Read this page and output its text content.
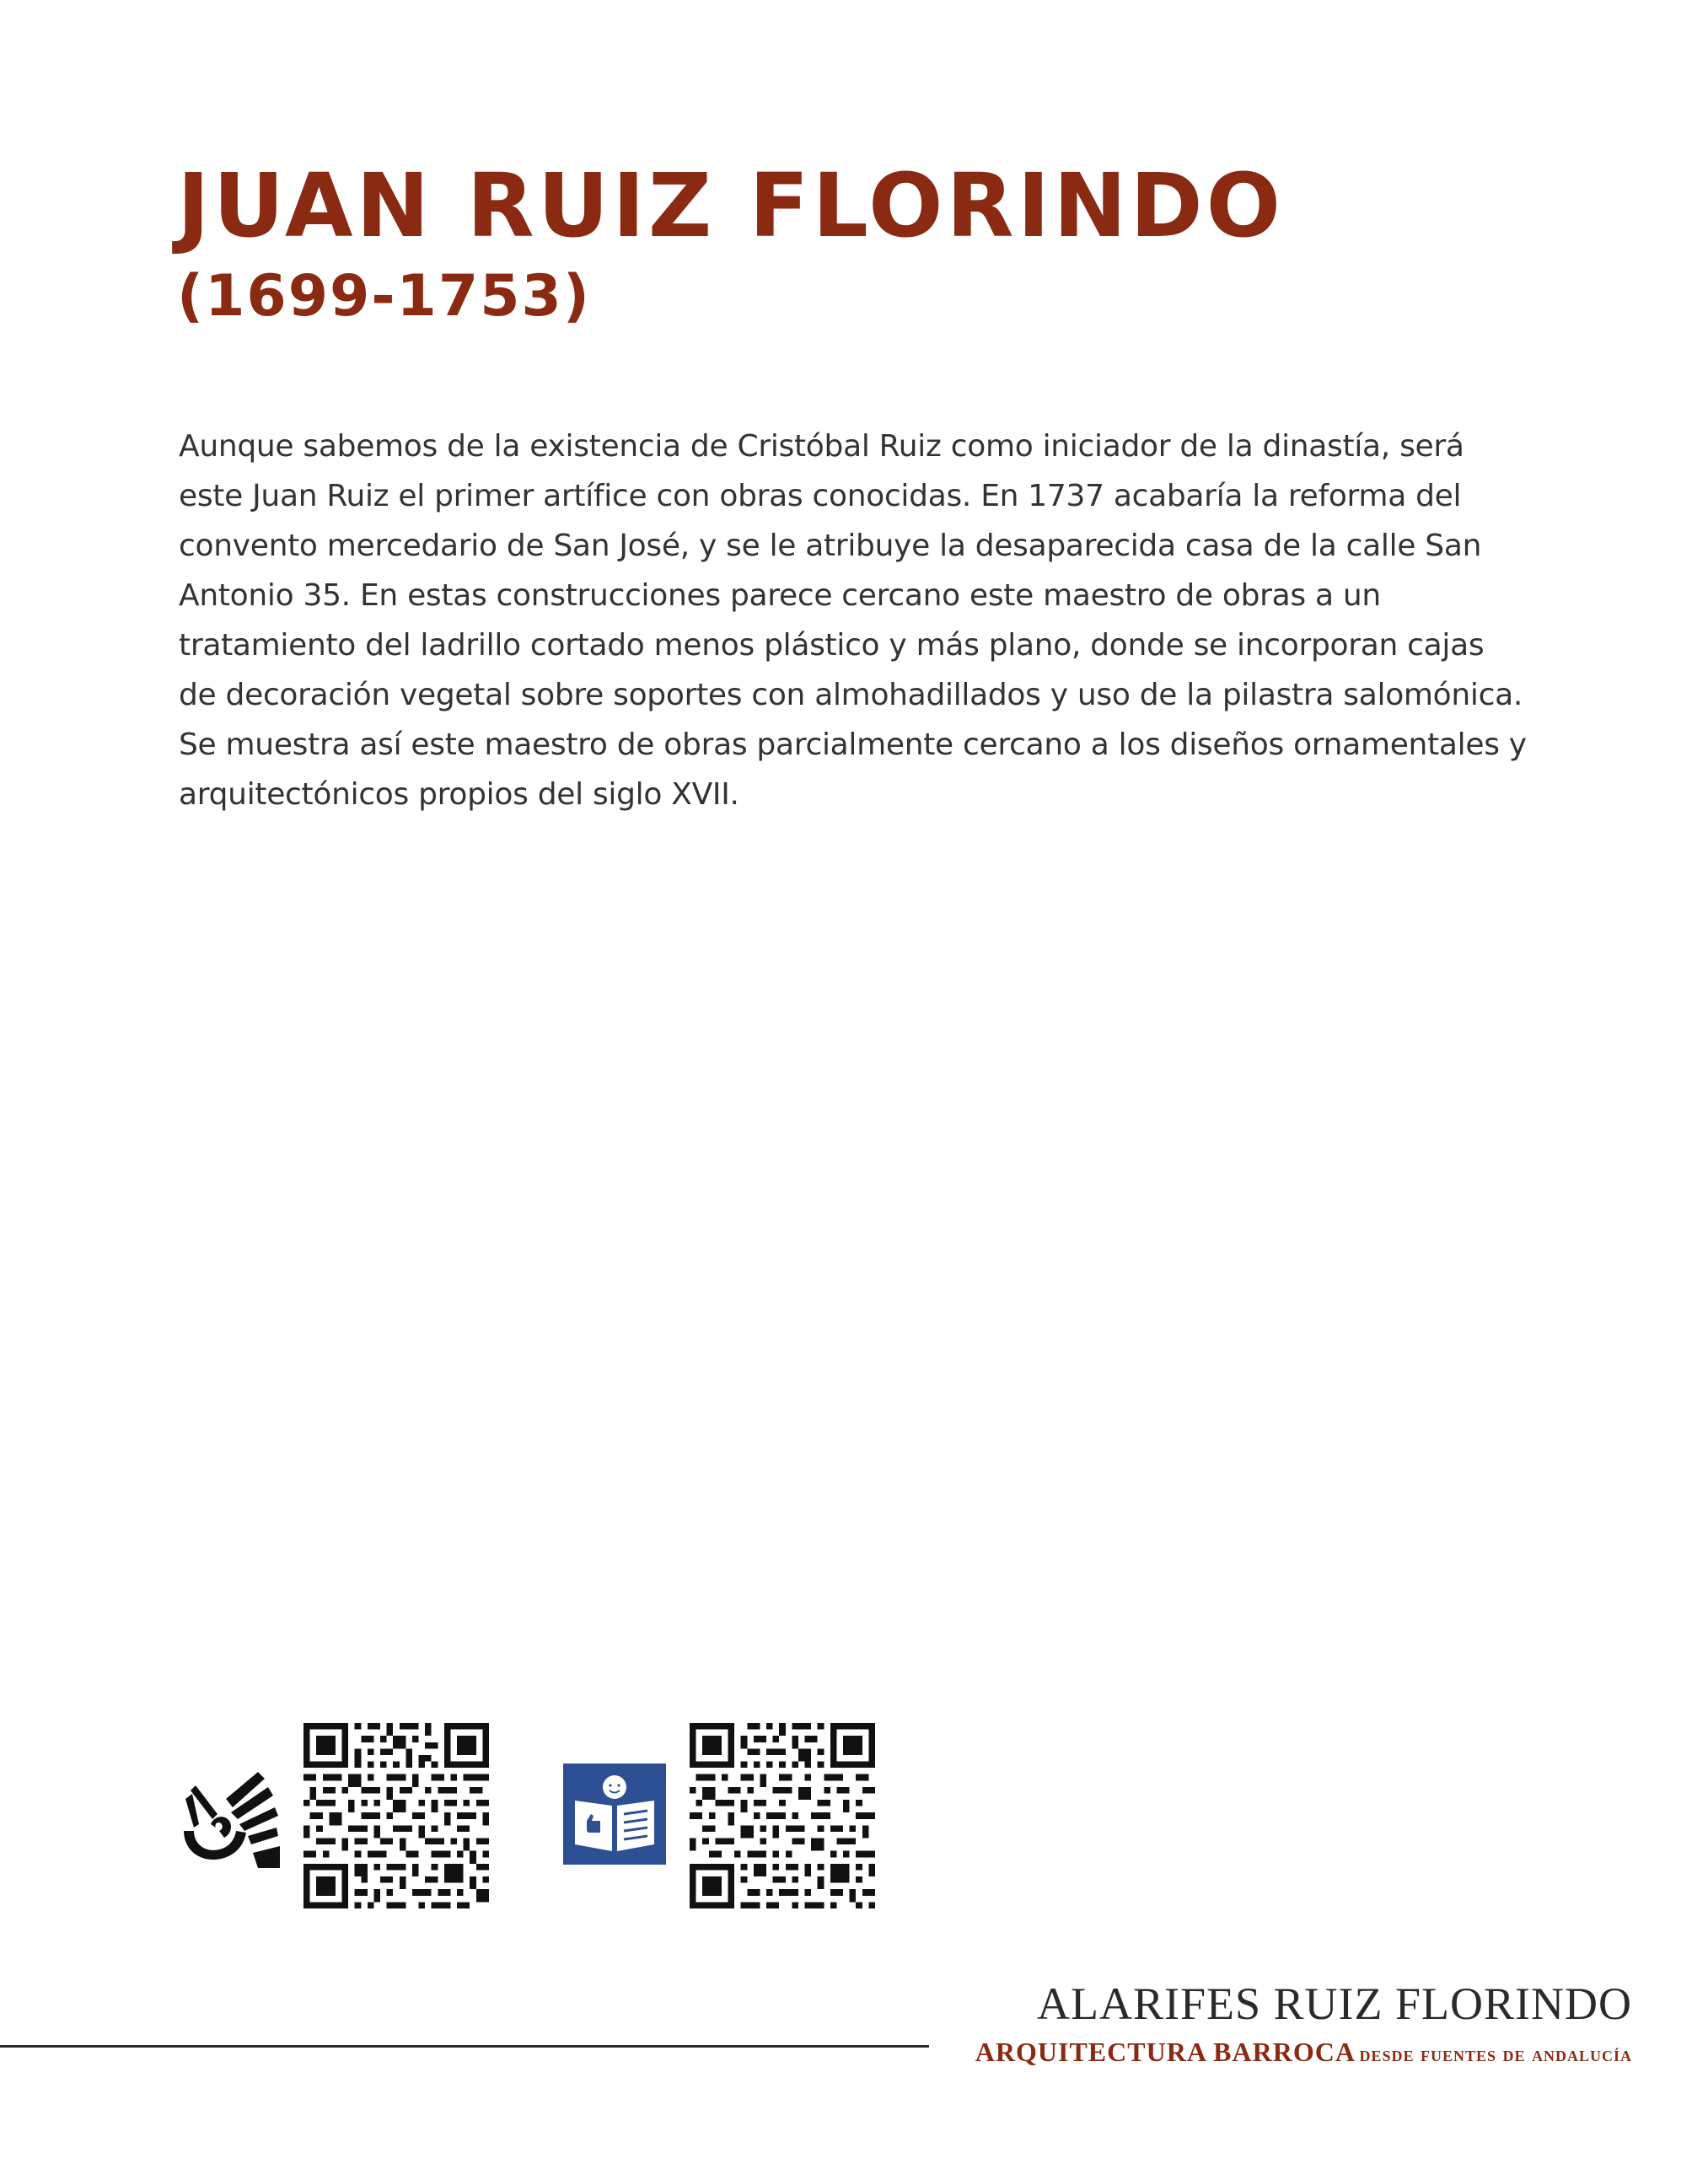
JUAN RUIZ FLORINDO
(1699-1753)

Aunque sabemos de la existencia de Cristóbal Ruiz como iniciador de la dinastía, será este Juan Ruiz el primer artífice con obras conocidas. En 1737 acabaría la reforma del convento mercedario de San José, y se le atribuye la desaparecida casa de la calle San Antonio 35. En estas construcciones parece cercano este maestro de obras a un tratamiento del ladrillo cortado menos plástico y más plano, donde se incorporan cajas de decoración vegetal sobre soportes con almohadillados y uso de la pilastra salomónica. Se muestra así este maestro de obras parcialmente cercano a los diseños ornamentales y arquitectónicos propios del siglo XVII.

ALARIFES RUIZ FLORINDO
ARQUITECTURA BARROCA desde fuentes de andalucía
